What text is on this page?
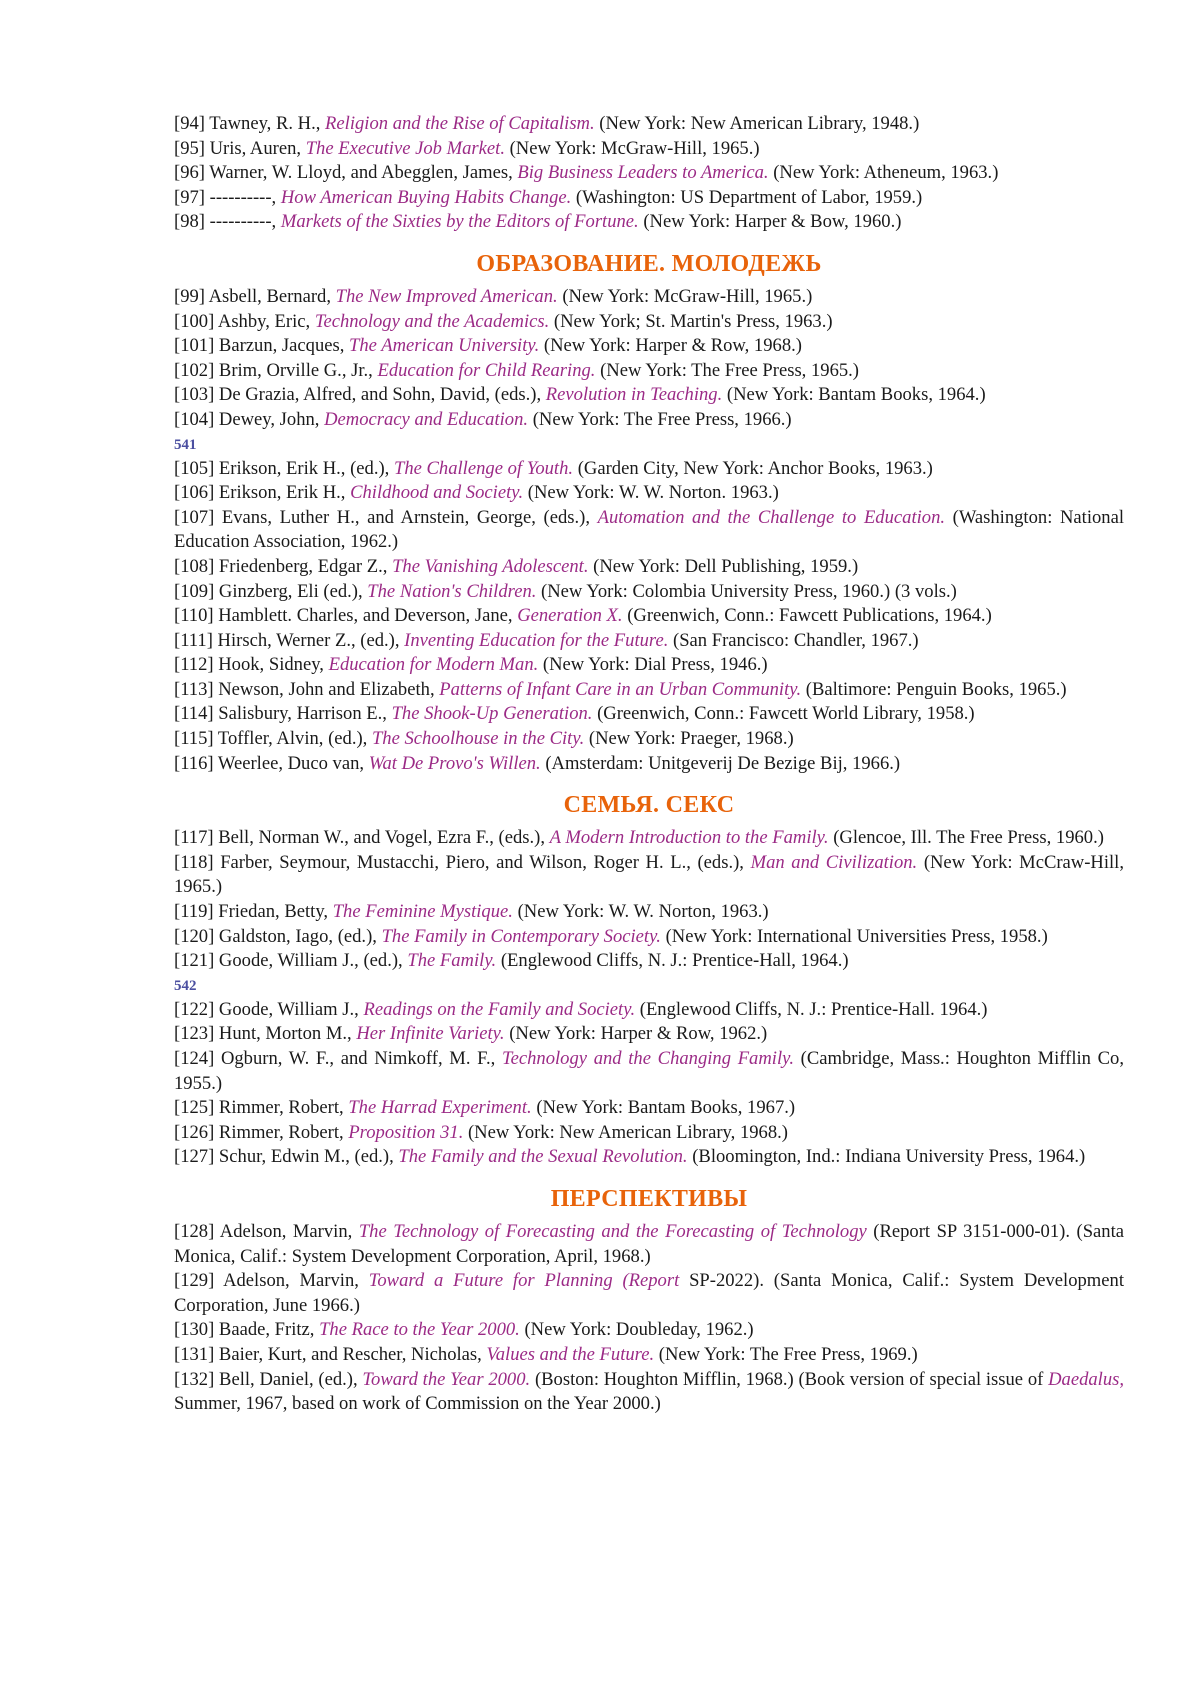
[94] Tawney, R. H., Religion and the Rise of Capitalism. (New York: New American Library, 1948.)

[95] Uris, Auren, The Executive Job Market. (New York: McGraw-Hill, 1965.)

[96] Warner, W. Lloyd, and Abegglen, James, Big Business Leaders to America. (New York: Atheneum, 1963.)

[97] ----------, How American Buying Habits Change. (Washington: US Department of Labor, 1959.)

[98] ----------, Markets of the Sixties by the Editors of Fortune. (New York: Harper & Bow, 1960.)

ОБРАЗОВАНИЕ. МОЛОДЕЖЬ

[99] Asbell, Bernard, The New Improved American. (New York: McGraw-Hill, 1965.)

[100] Ashby, Eric, Technology and the Academics. (New York; St. Martin's Press, 1963.)

[101] Barzun, Jacques, The American University. (New York: Harper & Row, 1968.)

[102] Brim, Orville G., Jr., Education for Child Rearing. (New York: The Free Press, 1965.)

[103] De Grazia, Alfred, and Sohn, David, (eds.), Revolution in Teaching. (New York: Bantam Books, 1964.)

[104] Dewey, John, Democracy and Education. (New York: The Free Press, 1966.)

541

[105] Erikson, Erik H., (ed.), The Challenge of Youth. (Garden City, New York: Anchor Books, 1963.)

[106] Erikson, Erik H., Childhood and Society. (New York: W. W. Norton. 1963.)

[107] Evans, Luther H., and Arnstein, George, (eds.), Automation and the Challenge to Education. (Washington: National Education Association, 1962.)

[108] Friedenberg, Edgar Z., The Vanishing Adolescent. (New York: Dell Publishing, 1959.)

[109] Ginzberg, Eli (ed.), The Nation's Children. (New York: Colombia University Press, 1960.) (3 vols.)

[110] Hamblett. Charles, and Deverson, Jane, Generation X. (Greenwich, Conn.: Fawcett Publications, 1964.)

[111] Hirsch, Werner Z., (ed.), Inventing Education for the Future. (San Francisco: Chandler, 1967.)

[112] Hook, Sidney, Education for Modern Man. (New York: Dial Press, 1946.)

[113] Newson, John and Elizabeth, Patterns of Infant Care in an Urban Community. (Baltimore: Penguin Books, 1965.)

[114] Salisbury, Harrison E., The Shook-Up Generation. (Greenwich, Conn.: Fawcett World Library, 1958.)

[115] Toffler, Alvin, (ed.), The Schoolhouse in the City. (New York: Praeger, 1968.)

[116] Weerlee, Duco van, Wat De Provo's Willen. (Amsterdam: Unitgeverij De Bezige Bij, 1966.)

СЕМЬЯ. СЕКС

[117] Bell, Norman W., and Vogel, Ezra F., (eds.), A Modern Introduction to the Family. (Glencoe, Ill. The Free Press, 1960.)

[118] Farber, Seymour, Mustacchi, Piero, and Wilson, Roger H. L., (eds.), Man and Civilization. (New York: McCraw-Hill, 1965.)

[119] Friedan, Betty, The Feminine Mystique. (New York: W. W. Norton, 1963.)

[120] Galdston, Iago, (ed.), The Family in Contemporary Society. (New York: International Universities Press, 1958.)

[121] Goode, William J., (ed.), The Family. (Englewood Cliffs, N. J.: Prentice-Hall, 1964.)

542

[122] Goode, William J., Readings on the Family and Society. (Englewood Cliffs, N. J.: Prentice-Hall. 1964.)

[123] Hunt, Morton M., Her Infinite Variety. (New York: Harper & Row, 1962.)

[124] Ogburn, W. F., and Nimkoff, M. F., Technology and the Changing Family. (Cambridge, Mass.: Houghton Mifflin Co, 1955.)

[125] Rimmer, Robert, The Harrad Experiment. (New York: Bantam Books, 1967.)

[126] Rimmer, Robert, Proposition 31. (New York: New American Library, 1968.)

[127] Schur, Edwin M., (ed.), The Family and the Sexual Revolution. (Bloomington, Ind.: Indiana University Press, 1964.)

ПЕРСПЕКТИВЫ

[128] Adelson, Marvin, The Technology of Forecasting and the Forecasting of Technology (Report SP 3151-000-01). (Santa Monica, Calif.: System Development Corporation, April, 1968.)

[129] Adelson, Marvin, Toward a Future for Planning (Report SP-2022). (Santa Monica, Calif.: System Development Corporation, June 1966.)

[130] Baade, Fritz, The Race to the Year 2000. (New York: Doubleday, 1962.)

[131] Baier, Kurt, and Rescher, Nicholas, Values and the Future. (New York: The Free Press, 1969.)

[132] Bell, Daniel, (ed.), Toward the Year 2000. (Boston: Houghton Mifflin, 1968.) (Book version of special issue of Daedalus, Summer, 1967, based on work of Commission on the Year 2000.)
